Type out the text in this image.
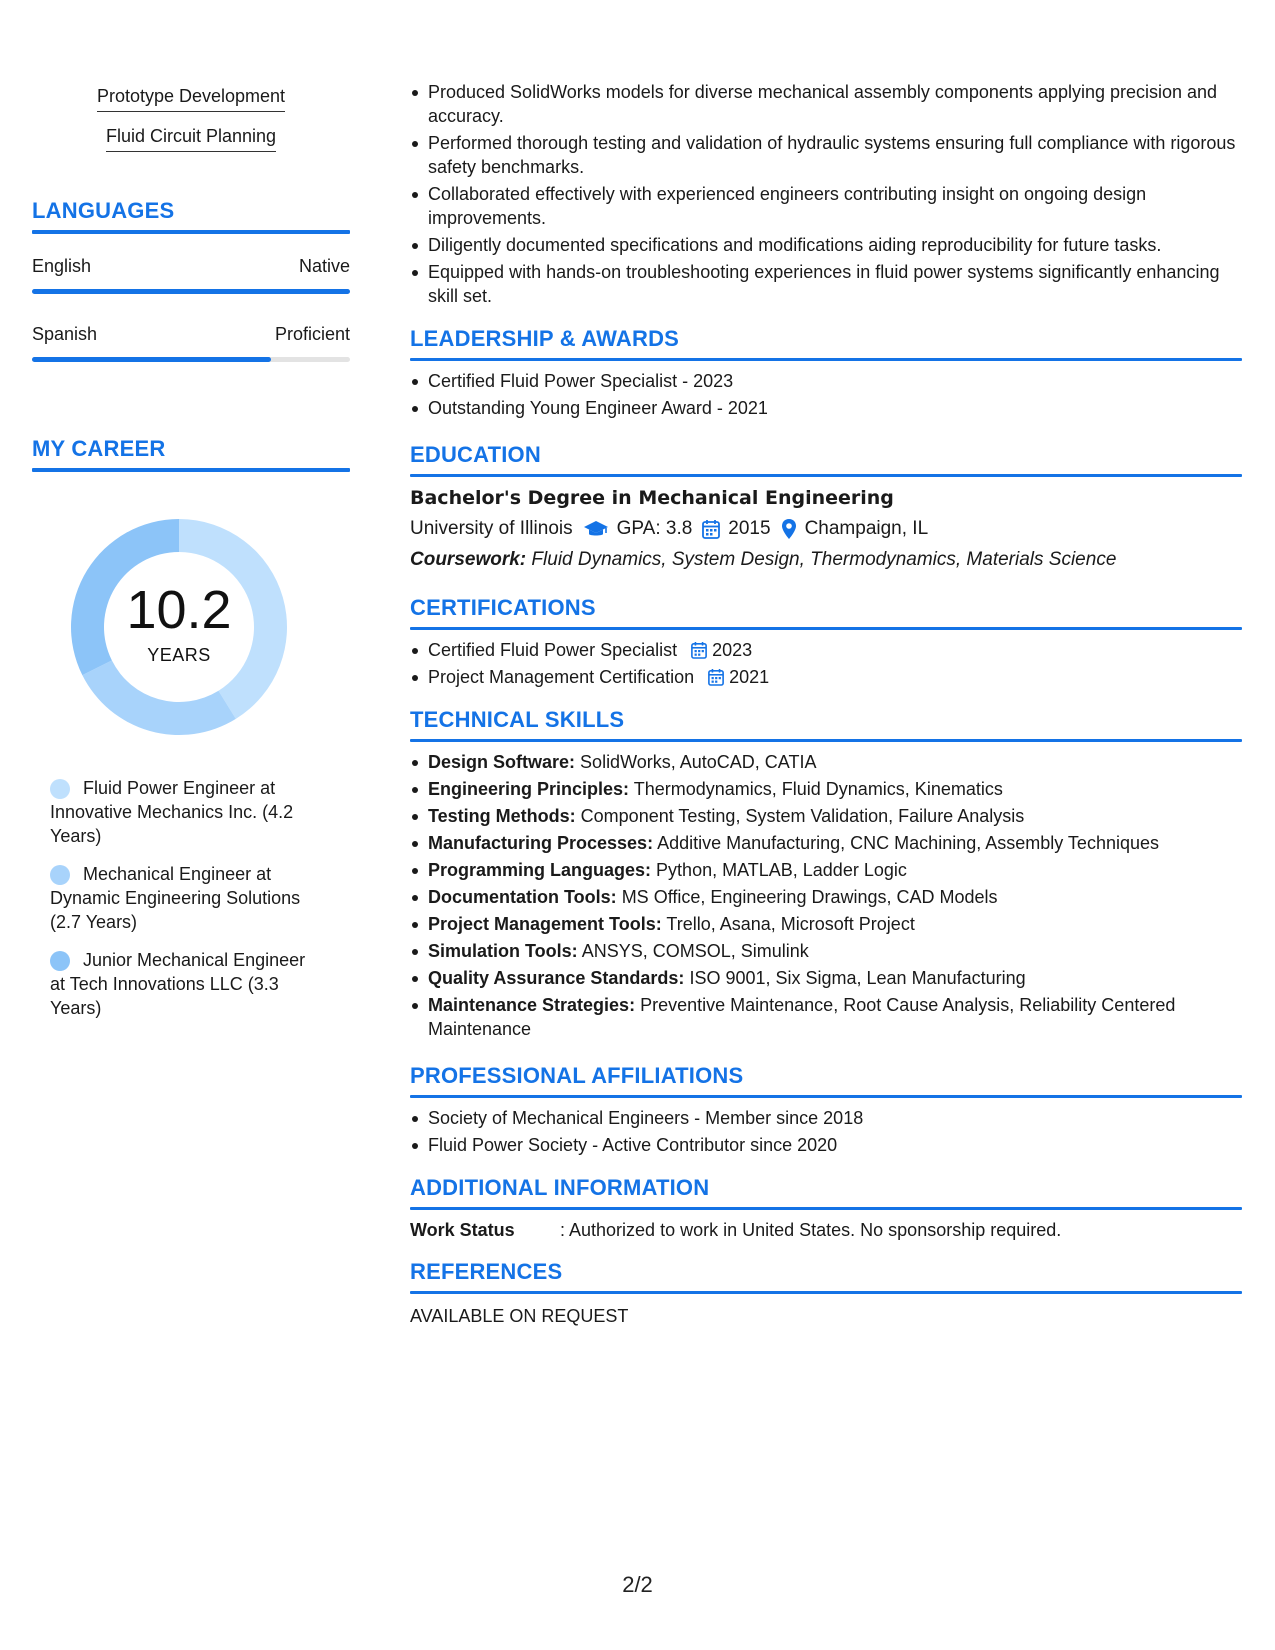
Prototype Development
Fluid Circuit Planning
LANGUAGES
English	Native
Spanish	Proficient
MY CAREER
10.2
YEARS
Fluid Power Engineer at Innovative Mechanics Inc. (4.2 Years)
Mechanical Engineer at Dynamic Engineering Solutions (2.7 Years)
Junior Mechanical Engineer at Tech Innovations LLC (3.3 Years)
Produced SolidWorks models for diverse mechanical assembly components applying precision and accuracy.
Performed thorough testing and validation of hydraulic systems ensuring full compliance with rigorous safety benchmarks.
Collaborated effectively with experienced engineers contributing insight on ongoing design improvements.
Diligently documented specifications and modifications aiding reproducibility for future tasks.
Equipped with hands-on troubleshooting experiences in fluid power systems significantly enhancing skill set.
LEADERSHIP & AWARDS
Certified Fluid Power Specialist - 2023
Outstanding Young Engineer Award - 2021
EDUCATION
Bachelor's Degree in Mechanical Engineering
University of Illinois GPA: 3.8 2015 Champaign, IL
Coursework: Fluid Dynamics, System Design, Thermodynamics, Materials Science
CERTIFICATIONS
Certified Fluid Power Specialist 2023
Project Management Certification 2021
TECHNICAL SKILLS
Design Software: SolidWorks, AutoCAD, CATIA
Engineering Principles: Thermodynamics, Fluid Dynamics, Kinematics
Testing Methods: Component Testing, System Validation, Failure Analysis
Manufacturing Processes: Additive Manufacturing, CNC Machining, Assembly Techniques
Programming Languages: Python, MATLAB, Ladder Logic
Documentation Tools: MS Office, Engineering Drawings, CAD Models
Project Management Tools: Trello, Asana, Microsoft Project
Simulation Tools: ANSYS, COMSOL, Simulink
Quality Assurance Standards: ISO 9001, Six Sigma, Lean Manufacturing
Maintenance Strategies: Preventive Maintenance, Root Cause Analysis, Reliability Centered Maintenance
PROFESSIONAL AFFILIATIONS
Society of Mechanical Engineers - Member since 2018
Fluid Power Society - Active Contributor since 2020
ADDITIONAL INFORMATION
Work Status	: Authorized to work in United States. No sponsorship required.
REFERENCES
AVAILABLE ON REQUEST
2/2
